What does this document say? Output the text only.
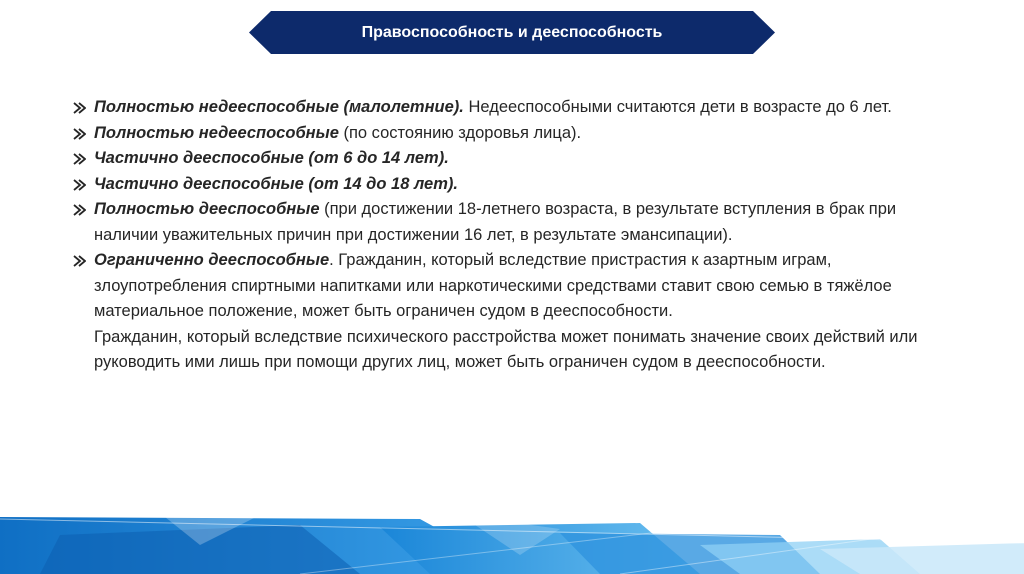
Правоспособность и дееспособность
Полностью недееспособные (малолетние). Недееспособными считаются дети в возрасте до 6 лет.
Полностью недееспособные (по состоянию здоровья лица).
Частично дееспособные (от 6 до 14 лет).
Частично дееспособные (от 14 до 18 лет).
Полностью дееспособные (при достижении 18-летнего возраста, в результате вступления в брак при наличии уважительных причин при достижении 16 лет, в результате эмансипации).
Ограниченно дееспособные. Гражданин, который вследствие пристрастия к азартным играм, злоупотребления спиртными напитками или наркотическими средствами ставит свою семью в тяжёлое материальное положение, может быть ограничен судом в дееспособности.
Гражданин, который вследствие психического расстройства может понимать значение своих действий или руководить ими лишь при помощи других лиц, может быть ограничен судом в дееспособности.
